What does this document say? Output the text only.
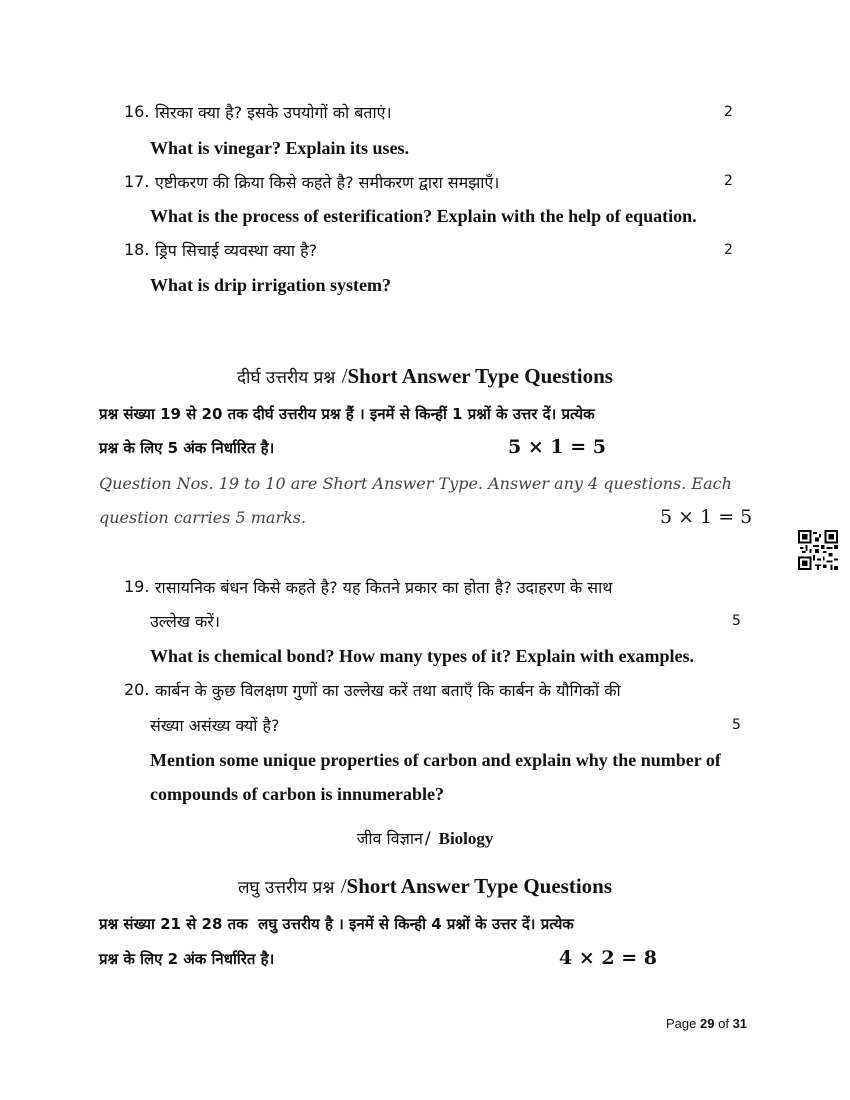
16. सिरका क्या है? इसके उपयोगों को बताएं।	2
What is vinegar? Explain its uses.
17. एष्टीकरण की क्रिया किसे कहते है? समीकरण द्वारा समझाएँ।	2
What is the process of esterification? Explain with the help of equation.
18. ड्रिप सिचाई व्यवस्था क्या है?	2
What is drip irrigation system?
दीर्घ उत्तरीय प्रश्न /Short Answer Type Questions
प्रश्न संख्या 19 से 20 तक दीर्घ उत्तरीय प्रश्न हैं । इनमें से किन्हीं 1 प्रश्नों के उत्तर दें। प्रत्येक
प्रश्न के लिए 5 अंक निर्धारित है।	5 × 1 = 5
Question Nos. 19 to 10 are Short Answer Type. Answer any 4 questions. Each
question carries 5 marks.	5 × 1 = 5
19. रासायनिक बंधन किसे कहते है? यह कितने प्रकार का होता है? उदाहरण के साथ
उल्लेख करें।	5
What is chemical bond? How many types of it? Explain with examples.
20. कार्बन के कुछ विलक्षण गुणों का उल्लेख करें तथा बताएँ कि कार्बन के यौगिकों की
संख्या असंख्य क्यों है?	5
Mention some unique properties of carbon and explain why the number of
compounds of carbon is innumerable?
जीव विज्ञान / Biology
लघु उत्तरीय प्रश्न /Short Answer Type Questions
प्रश्न संख्या 21 से 28 तक  लघु उत्तरीय है । इनमें से किन्ही 4 प्रश्नों के उत्तर दें। प्रत्येक
प्रश्न के लिए 2 अंक निर्धारित है।	4 × 2 = 8
Page 29 of 31
